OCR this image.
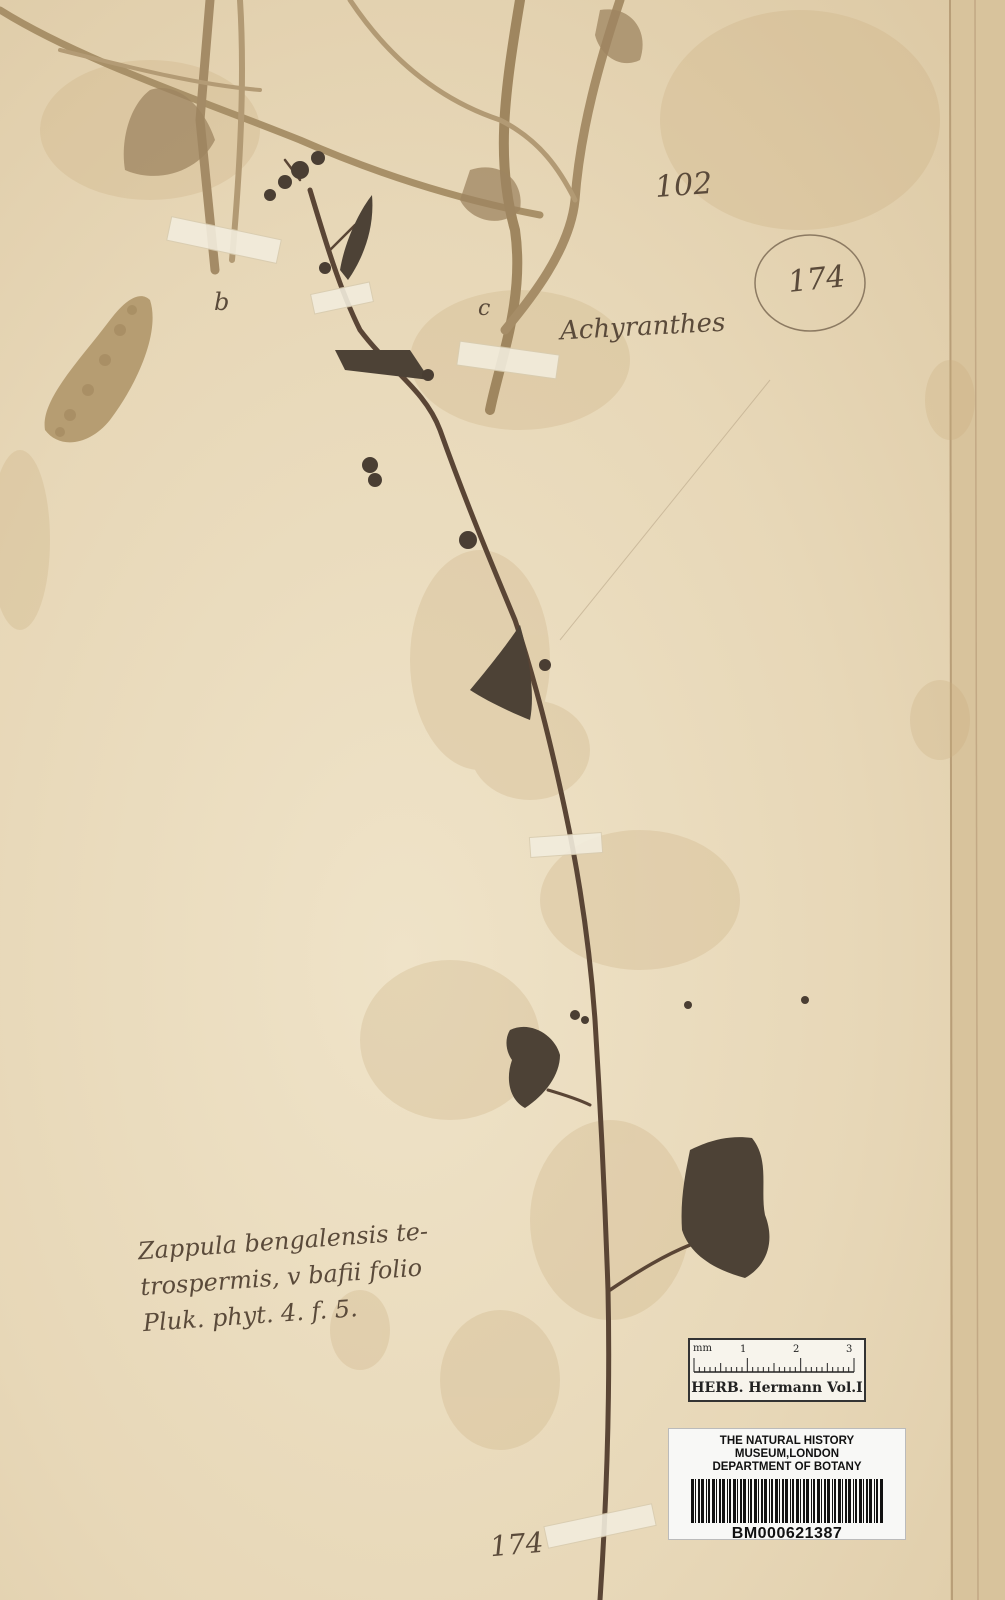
102
174
b	c	Achyranthes
Zappula bengalensis te-
trospermis, v bafii folio
Pluk. phyt. 4. f. 5.
174
mm	1	2	3
HERB. Hermann Vol.I
THE NATURAL HISTORY MUSEUM,LONDON
DEPARTMENT OF BOTANY
BM000621387
